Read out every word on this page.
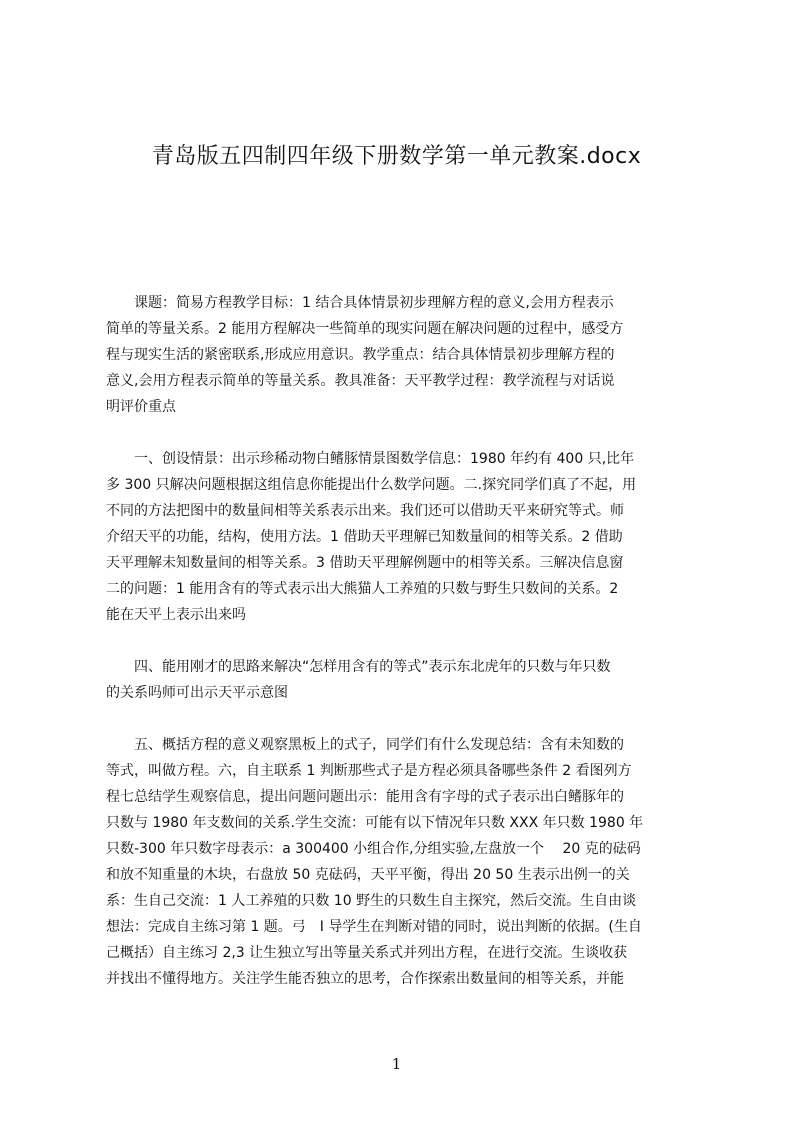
青岛版五四制四年级下册数学第一单元教案.docx
　　课题：简易方程教学目标：1 结合具体情景初步理解方程的意义,会用方程表示
简单的等量关系。2 能用方程解决一些简单的现实问题在解决问题的过程中，感受方
程与现实生活的紧密联系,形成应用意识。教学重点：结合具体情景初步理解方程的
意义,会用方程表示简单的等量关系。教具准备：天平教学过程：教学流程与对话说
明评价重点
　　一、创设情景：出示珍稀动物白鳍豚情景图数学信息：1980 年约有 400 只,比年
多 300 只解决问题根据这组信息你能提出什么数学问题。二.探究同学们真了不起，用
不同的方法把图中的数量间相等关系表示出来。我们还可以借助天平来研究等式。师
介绍天平的功能，结构，使用方法。1 借助天平理解已知数量间的相等关系。2 借助
天平理解未知数量间的相等关系。3 借助天平理解例题中的相等关系。三解决信息窗
二的问题：1 能用含有的等式表示出大熊猫人工养殖的只数与野生只数间的关系。2
能在天平上表示出来吗
　　四、能用刚才的思路来解决“怎样用含有的等式”表示东北虎年的只数与年只数
的关系吗师可出示天平示意图
　　五、概括方程的意义观察黑板上的式子，同学们有什么发现总结：含有未知数的
等式，叫做方程。六，自主联系 1 判断那些式子是方程必须具备哪些条件 2 看图列方
程七总结学生观察信息，提出问题问题出示：能用含有字母的式子表示出白鳍豚年的
只数与 1980 年支数间的关系.学生交流：可能有以下情况年只数 XXX 年只数 1980 年
只数-300 年只数字母表示：a 300400 小组合作,分组实验,左盘放一个　 20 克的砝码
和放不知重量的木块，右盘放 50 克砝码，天平平衡，得出 20 50 生表示出例一的关
系：生自己交流：1 人工养殖的只数 10 野生的只数生自主探究，然后交流。生自由谈
想法：完成自主练习第 1 题。弓　I 导学生在判断对错的同时，说出判断的依据。(生自
己概括）自主练习 2,3 让生独立写出等量关系式并列出方程，在进行交流。生谈收获
并找出不懂得地方。关注学生能否独立的思考，合作探索出数量间的相等关系，并能
1
